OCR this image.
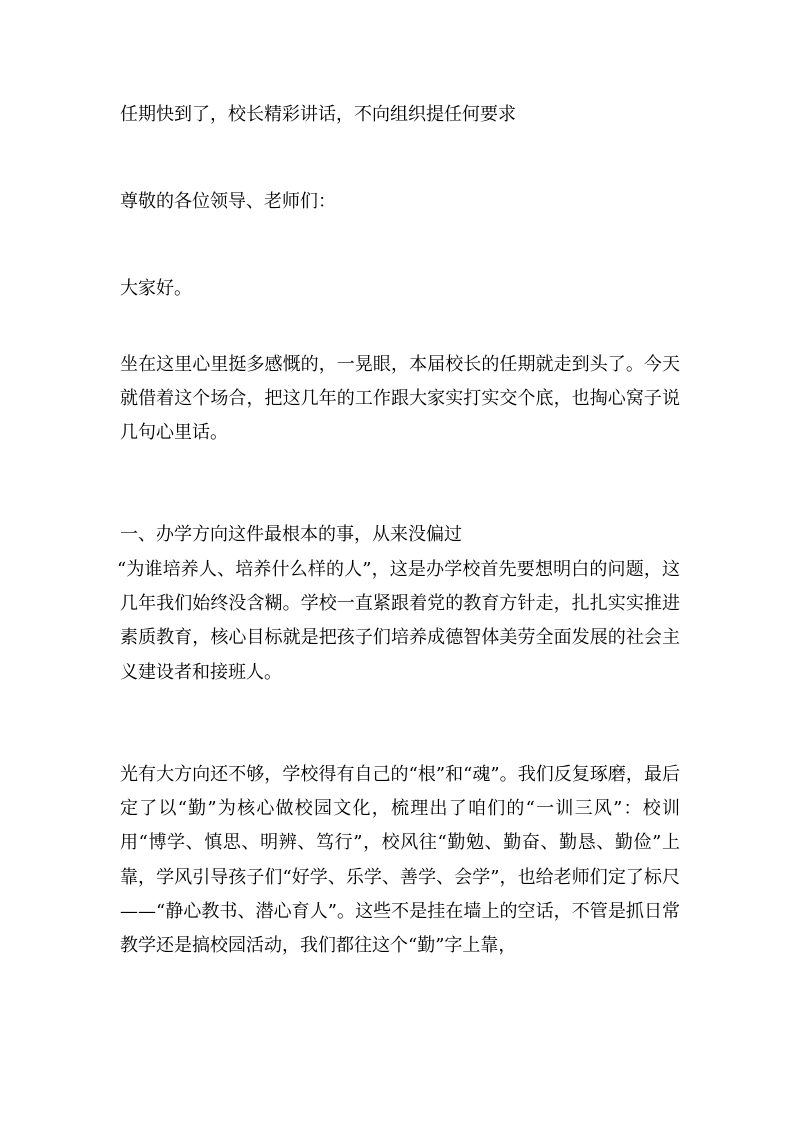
任期快到了，校长精彩讲话，不向组织提任何要求
尊敬的各位领导、老师们：
大家好。
坐在这里心里挺多感慨的，一晃眼，本届校长的任期就走到头了。今天就借着这个场合，把这几年的工作跟大家实打实交个底，也掏心窝子说几句心里话。
一、办学方向这件最根本的事，从来没偏过
“为谁培养人、培养什么样的人”，这是办学校首先要想明白的问题，这几年我们始终没含糊。学校一直紧跟着党的教育方针走，扎扎实实推进素质教育，核心目标就是把孩子们培养成德智体美劳全面发展的社会主义建设者和接班人。
光有大方向还不够，学校得有自己的“根”和“魂”。我们反复琢磨，最后定了以“勤”为核心做校园文化，梳理出了咱们的“一训三风”：校训用“博学、慎思、明辨、笃行”，校风往“勤勉、勤奋、勤恳、勤俭”上靠，学风引导孩子们“好学、乐学、善学、会学”，也给老师们定了标尺——“静心教书、潜心育人”。这些不是挂在墙上的空话，不管是抓日常教学还是搞校园活动，我们都往这个“勤”字上靠，
